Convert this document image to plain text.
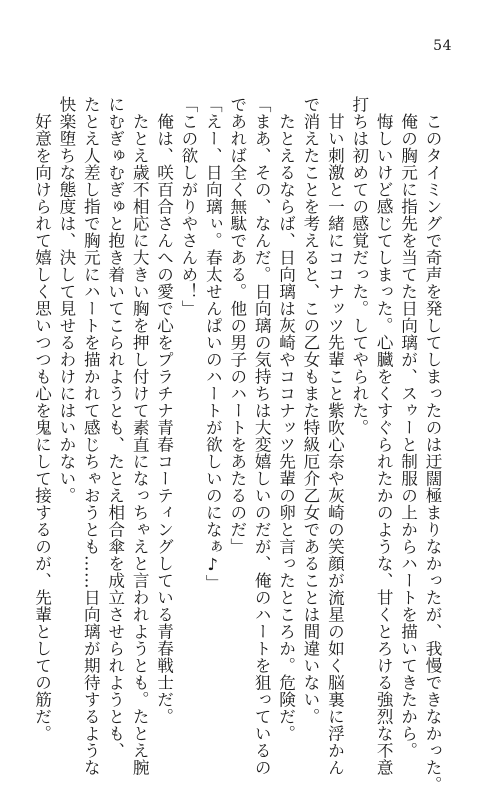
54
　このタイミングで奇声を発してしまったのは迂闊極まりなかったが、我慢できなかった。
　俺の胸元に指先を当てた日向璃が、スゥーと制服の上からハートを描いてきたから。
　悔しいけど感じてしまった。心臓をくすぐられたかのような、甘くとろける強烈な不意
打ちは初めての感覚だった。してやられた。
　甘い刺激と一緒にココナッツ先輩こと紫吹心奈や灰崎の笑顔が流星の如く脳裏に浮かん
で消えたことを考えると、この乙女もまた特級厄介乙女であることは間違いない。
　たとえるならば、日向璃は灰崎やココナッツ先輩の卵と言ったところか。危険だ。
「まあ、その、なんだ。日向璃の気持ちは大変嬉しいのだが、俺のハートを狙っているの
であれば全く無駄である。他の男子のハートをあたるのだ」
「えー、日向璃ぃ。春太せんぱいのハートが欲しいのになぁ♪」
「この欲しがりやさんめ！」
　俺は、咲百合さんへの愛で心をプラチナ青春コーティングしている青春戦士だ。
　たとえ歳不相応に大きい胸を押し付けて素直になっちゃえと言われようとも。たとえ腕
にむぎゅむぎゅと抱き着いてこられようとも、たとえ相合傘を成立させられようとも、
たとえ人差し指で胸元にハートを描かれて感じちゃおうとも……日向璃が期待するような
快楽堕ちな態度は、決して見せるわけにはいかない。
　好意を向けられて嬉しく思いつつも心を鬼にして接するのが、先輩としての筋だ。
